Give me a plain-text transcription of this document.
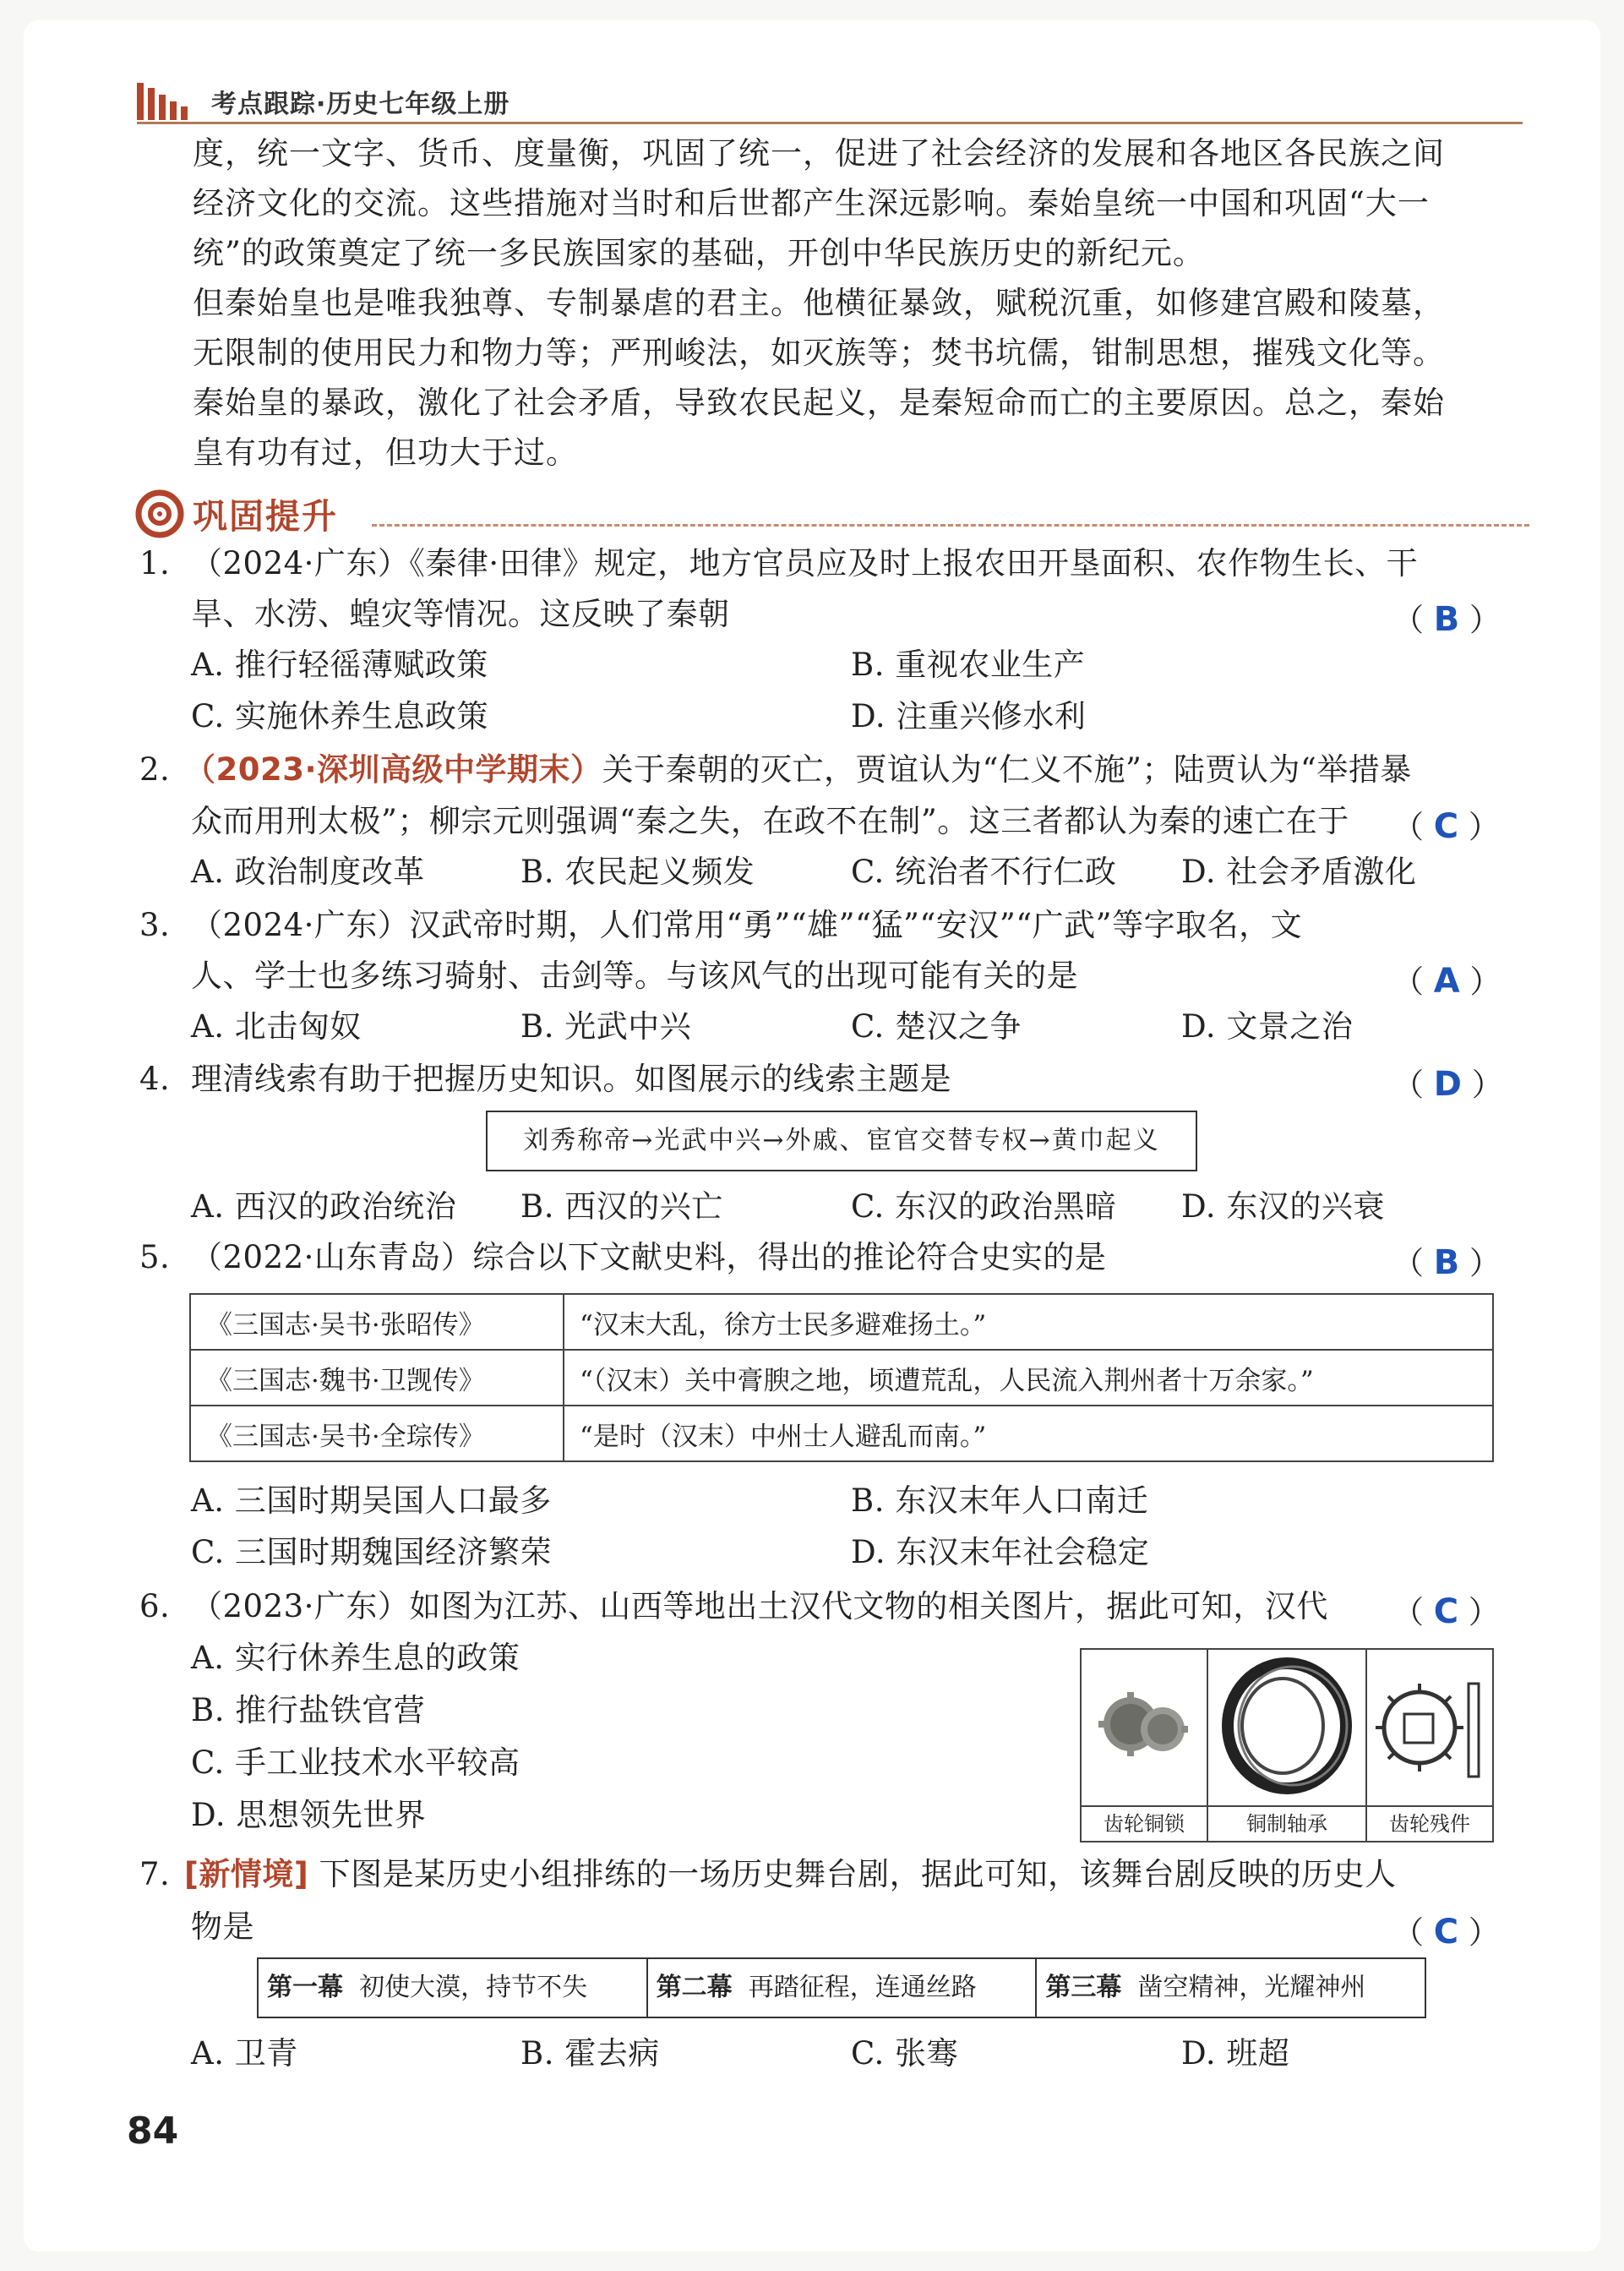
考点跟踪·历史七年级上册

度，统一文字、货币、度量衡，巩固了统一，促进了社会经济的发展和各地区各民族之间

经济文化的交流。这些措施对当时和后世都产生深远影响。秦始皇统一中国和巩固“大一

统”的政策奠定了统一多民族国家的基础，开创中华民族历史的新纪元。

但秦始皇也是唯我独尊、专制暴虐的君主。他横征暴敛，赋税沉重，如修建宫殿和陵墓，

无限制的使用民力和物力等；严刑峻法，如灭族等；焚书坑儒，钳制思想，摧残文化等。

秦始皇的暴政，激化了社会矛盾，导致农民起义，是秦短命而亡的主要原因。总之，秦始

皇有功有过，但功大于过。

巩固提升
1. （2024·广东）《秦律·田律》规定，地方官员应及时上报农田开垦面积、农作物生长、干
旱、水涝、蝗灾等情况。这反映了秦朝	（ B ）
A. 推行轻徭薄赋政策	B. 重视农业生产
C. 实施休养生息政策	D. 注重兴修水利
2. （2023·深圳高级中学期末）关于秦朝的灭亡，贾谊认为“仁义不施”；陆贾认为“举措暴
众而用刑太极”；柳宗元则强调“秦之失，在政不在制”。这三者都认为秦的速亡在于 （ C ）
A. 政治制度改革	B. 农民起义频发	C. 统治者不行仁政 D. 社会矛盾激化
3. （2024·广东）汉武帝时期，人们常用“勇”“雄”“猛”“安汉”“广武”等字取名，文
人、学士也多练习骑射、击剑等。与该风气的出现可能有关的是	（ A ）
A. 北击匈奴	B. 光武中兴	C. 楚汉之争	D. 文景之治
4. 理清线索有助于把握历史知识。如图展示的线索主题是	（ D ）
刘秀称帝→光武中兴→外戚、宦官交替专权→黄巾起义
A. 西汉的政治统治 B. 西汉的兴亡	C. 东汉的政治黑暗 D. 东汉的兴衰
5. （2022·山东青岛）综合以下文献史料，得出的推论符合史实的是	（ B ）
《三国志·吴书·张昭传》	“汉末大乱，徐方士民多避难扬土。”
《三国志·魏书·卫觊传》	“（汉末）关中膏腴之地，顷遭荒乱，人民流入荆州者十万余家。”
《三国志·吴书·全琮传》	“是时（汉末）中州士人避乱而南。”
A. 三国时期吴国人口最多	B. 东汉末年人口南迁
C. 三国时期魏国经济繁荣	D. 东汉末年社会稳定
6. （2023·广东）如图为江苏、山西等地出土汉代文物的相关图片，据此可知，汉代 （ C ）
A. 实行休养生息的政策
B. 推行盐铁官营
C. 手工业技术水平较高
D. 思想领先世界	齿轮铜锁	铜制轴承	齿轮残件
7. [新情境] 下图是某历史小组排练的一场历史舞台剧，据此可知，该舞台剧反映的历史人
物是	（ C ）
第一幕 初使大漠，持节不失	第二幕 再踏征程，连通丝路	第三幕 凿空精神，光耀神州
A. 卫青	B. 霍去病	C. 张骞	D. 班超
84
